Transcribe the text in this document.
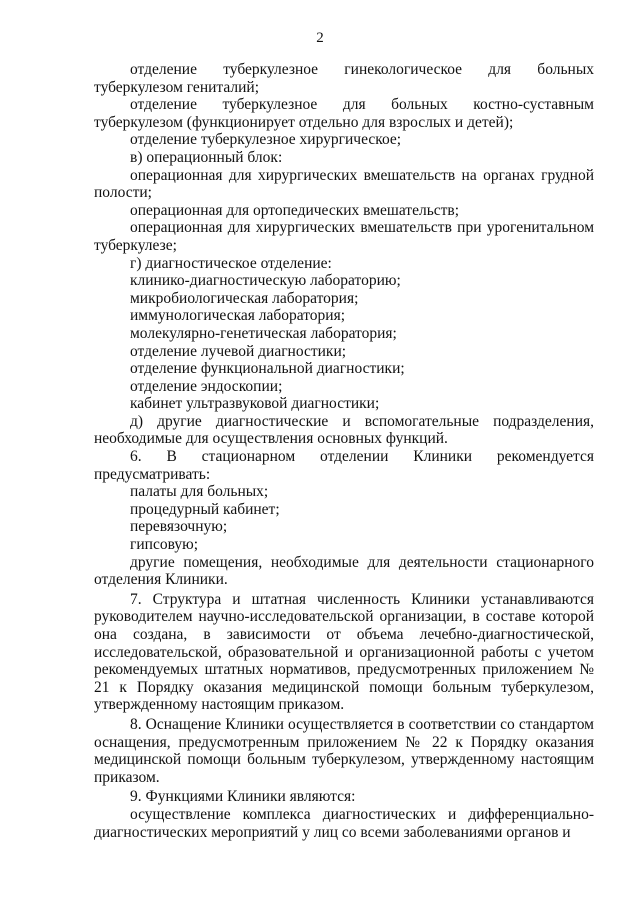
2

отделение туберкулезное гинекологическое для больных туберкулезом гениталий;

отделение туберкулезное для больных костно-суставным туберкулезом (функционирует отдельно для взрослых и детей);

отделение туберкулезное хирургическое;

в) операционный блок:

операционная для хирургических вмешательств на органах грудной полости;

операционная для ортопедических вмешательств;

операционная для хирургических вмешательств при урогенитальном туберкулезе;

г) диагностическое отделение:

клинико-диагностическую лабораторию;

микробиологическая лаборатория;

иммунологическая лаборатория;

молекулярно-генетическая лаборатория;

отделение лучевой диагностики;

отделение функциональной диагностики;

отделение эндоскопии;

кабинет ультразвуковой диагностики;

д) другие диагностические и вспомогательные подразделения, необходимые для осуществления основных функций.

6. В стационарном отделении Клиники рекомендуется предусматривать:

палаты для больных;

процедурный кабинет;

перевязочную;

гипсовую;

другие помещения, необходимые для деятельности стационарного отделения Клиники.

7. Структура и штатная численность Клиники устанавливаются руководителем научно-исследовательской организации, в составе которой она создана, в зависимости от объема лечебно-диагностической, исследовательской, образовательной и организационной работы с учетом рекомендуемых штатных нормативов, предусмотренных приложением № 21 к Порядку оказания медицинской помощи больным туберкулезом, утвержденному настоящим приказом.

8. Оснащение Клиники осуществляется в соответствии со стандартом оснащения, предусмотренным приложением № 22 к Порядку оказания медицинской помощи больным туберкулезом, утвержденному настоящим приказом.

9. Функциями Клиники являются:

осуществление комплекса диагностических и дифференциально-диагностических мероприятий у лиц со всеми заболеваниями органов и
